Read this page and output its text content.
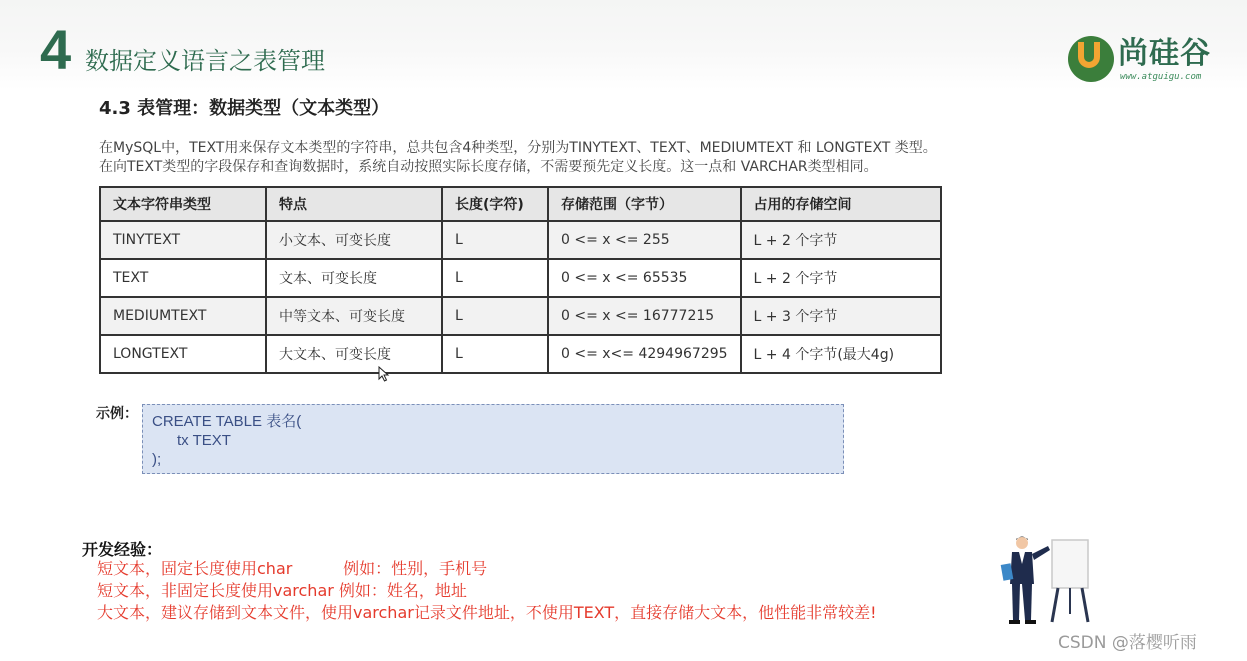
4 数据定义语言之表管理	尚硅谷
www.atguigu.com
4.3 表管理：数据类型（文本类型）
在MySQL中，TEXT用来保存文本类型的字符串，总共包含4种类型，分别为TINYTEXT、TEXT、MEDIUMTEXT 和 LONGTEXT 类型。
在向TEXT类型的字段保存和查询数据时，系统自动按照实际长度存储，不需要预先定义长度。这一点和 VARCHAR类型相同。
文本字符串类型	特点	长度(字符)	存储范围（字节）	占用的存储空间
TINYTEXT	小文本、可变长度	L	0 <= x <= 255	L + 2 个字节
TEXT	文本、可变长度	L	0 <= x <= 65535	L + 2 个字节
MEDIUMTEXT	中等文本、可变长度	L	0 <= x <= 16777215	L + 3 个字节
LONGTEXT	大文本、可变长度	L	0 <= x<= 4294967295	L + 4 个字节(最大4g)
示例： CREATE TABLE 表名(
tx TEXT
);
开发经验：
短文本，固定长度使用char          例如：性别，手机号
短文本，非固定长度使用varchar 例如：姓名，地址
大文本，建议存储到文本文件，使用varchar记录文件地址，不使用TEXT，直接存储大文本，他性能非常较差!
CSDN @落樱听雨
